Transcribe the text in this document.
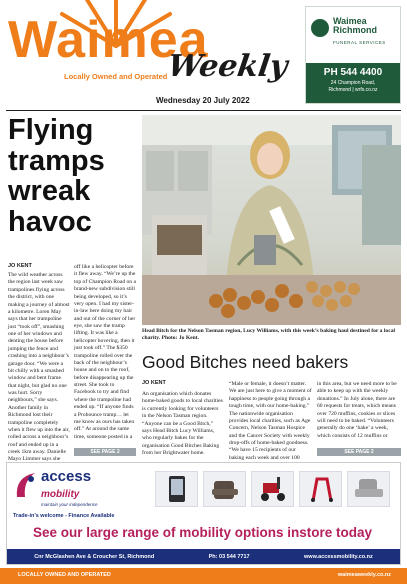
Waimea
Weekly
Locally Owned and Operated
Wednesday 20 July 2022
Waimea
Richmond
FUNERAL SERVICES
PH 544 4400
24 Champion Road,
Richmond | wrfs.co.nz
Flying tramps wreak havoc
JO KENT
The wild weather across the region last week saw trampolines flying across the district, with one making a journey of almost a kilometre. Loren May says that her trampoline just “took off”, smashing one of her windows and denting the house before jumping the fence and crashing into a neighbour’s garage door. “We were a bit chilly with a smashed window and bent frame that night, but glad no one was hurt. Sorry neighbours,” she says. Another family in Richmond lost their trampoline completely when it flew up into the air, rolled across a neighbour’s roof and ended up in a creek 1km away. Danielle Mayo Limmer says she
off like a helicopter before it flew away. “We’re up the top of Champion Road on a brand-new subdivision still being developed, so it’s very open. I had my sister-in-law here doing my hair and out of the corner of her eye, she saw the tramp lifting. It was like a helicopter hovering, then it just took off.” The $350 trampoline rolled over the back of the neighbour’s house and on to the roof, before disappearing up the street. She took to Facebook to try and find where the trampoline had ended up. “If anyone finds a Probounce tramp… let me know as ours has taken off.” At around the same time, someone posted in a
SEE PAGE 2
Head Bitch for the Nelson Tasman region, Lucy Williams, with this week’s baking haul destined for a local charity. Photo: Jo Kent.
Good Bitches need bakers
JO KENT
An organisation which donates home-baked goods to local charities is currently looking for volunteers in the Nelson Tasman region. “Anyone can be a Good Bitch,” says Head Bitch Lucy Williams, who regularly bakes for the organisation Good Bitches Baking from her Brightwater home.
“Male or female, it doesn’t matter. We are just here to give a moment of happiness to people going through a tough time, with our home-baking.” The nationwide organisation provides local charities, such as Age Concern, Nelson Tasman Hospice and the Cancer Society with weekly drop-offs of home-baked goodness. “We have 15 recipients of our baking each week and over 100
in this area, but we need more to be able to keep up with the weekly donations.” In July alone, there are 60 requests for treats, which means over 720 muffins, cookies or slices will need to be baked. “Volunteers generally do one ‘bake’ a week, which consists of 12 muffins or
SEE PAGE 2
access
mobility
maintain your independence
Trade-in’s welcome - Finance Available
See our large range of mobility options instore today
Cnr McGlashen Ave & Croucher St, Richmond	Ph: 03 544 7717	www.accessmobility.co.nz
LOCALLY OWNED AND OPERATED	waimeaweekly.co.nz
